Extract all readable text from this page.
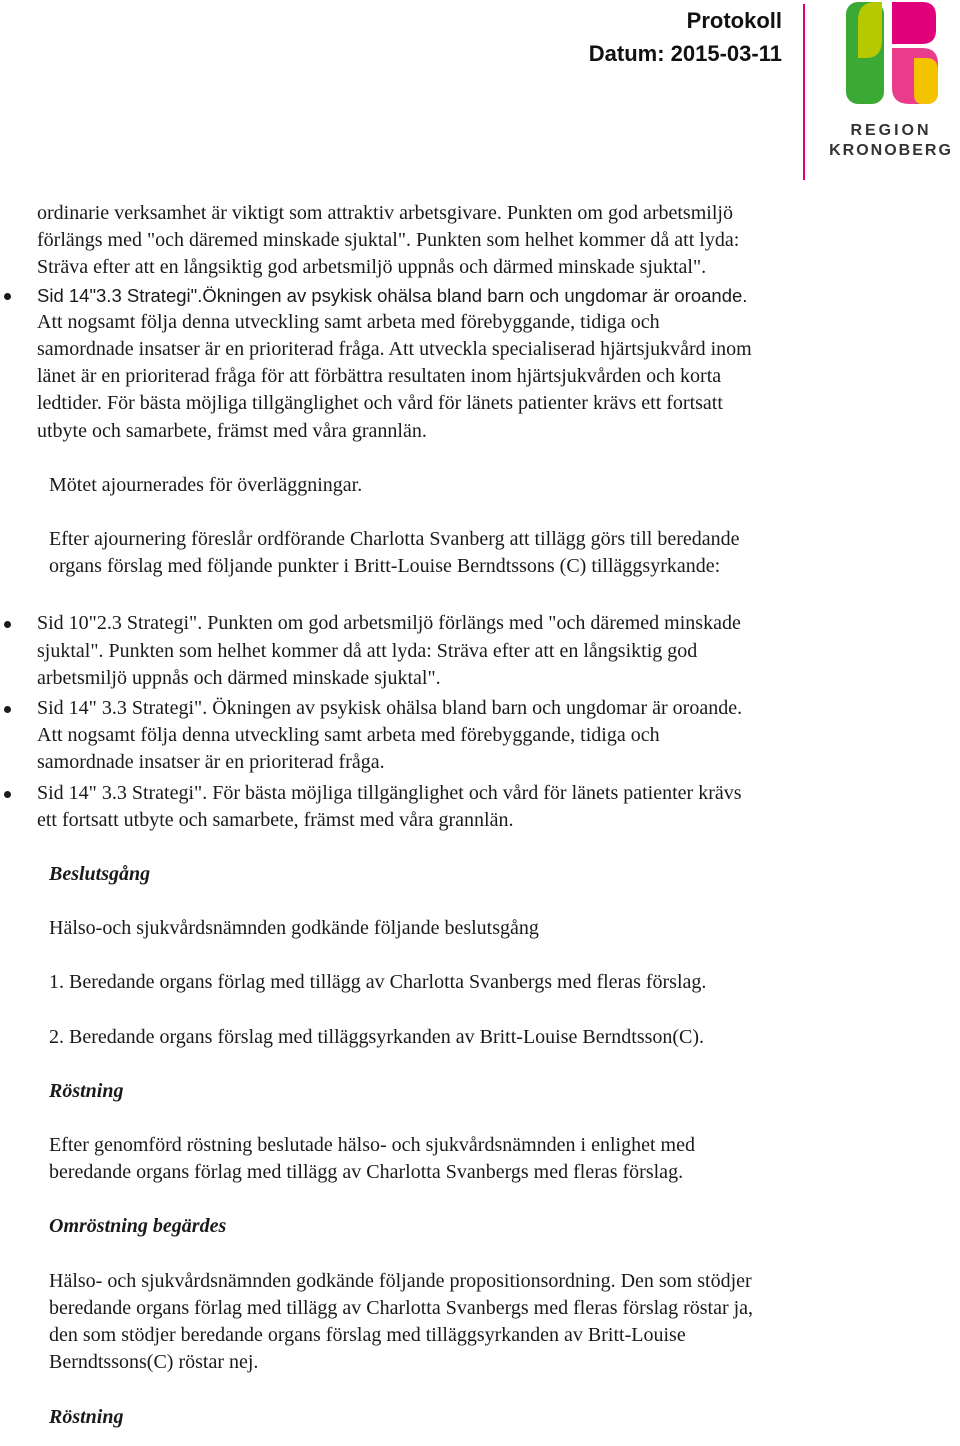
Protokoll
Datum: 2015-03-11
REGION
KRONOBERG

ordinarie verksamhet är viktigt som attraktiv arbetsgivare. Punkten om god arbetsmiljö

förlängs med "och däremed minskade sjuktal". Punkten som helhet kommer då att lyda:

Sträva efter att en långsiktig god arbetsmiljö uppnås och därmed minskade sjuktal".

Sid 14"3.3 Strategi".Ökningen av psykisk ohälsa bland barn och ungdomar är oroande.

Att nogsamt följa denna utveckling samt arbeta med förebyggande, tidiga och

samordnade insatser är en prioriterad fråga. Att utveckla specialiserad hjärtsjukvård inom

länet är en prioriterad fråga för att förbättra resultaten inom hjärtsjukvården och korta

ledtider. För bästa möjliga tillgänglighet och vård för länets patienter krävs ett fortsatt

utbyte och samarbete, främst med våra grannlän.

Mötet ajournerades för överläggningar.

Efter ajournering föreslår ordförande Charlotta Svanberg att tillägg görs till beredande

organs förslag med följande punkter i Britt-Louise Berndtssons (C) tilläggsyrkande:

Sid 10"2.3 Strategi". Punkten om god arbetsmiljö förlängs med "och däremed minskade

sjuktal". Punkten som helhet kommer då att lyda: Sträva efter att en långsiktig god

arbetsmiljö uppnås och därmed minskade sjuktal".

Sid 14" 3.3 Strategi". Ökningen av psykisk ohälsa bland barn och ungdomar är oroande.

Att nogsamt följa denna utveckling samt arbeta med förebyggande, tidiga och

samordnade insatser är en prioriterad fråga.

Sid 14" 3.3 Strategi". För bästa möjliga tillgänglighet och vård för länets patienter krävs

ett fortsatt utbyte och samarbete, främst med våra grannlän.

Beslutsgång

Hälso-och sjukvårdsnämnden godkände följande beslutsgång

1. Beredande organs förlag med tillägg av Charlotta Svanbergs med fleras förslag.

2. Beredande organs förslag med tilläggsyrkanden av Britt-Louise Berndtsson(C).

Röstning

Efter genomförd röstning beslutade hälso- och sjukvårdsnämnden i enlighet med

beredande organs förlag med tillägg av Charlotta Svanbergs med fleras förslag.

Omröstning begärdes

Hälso- och sjukvårdsnämnden godkände följande propositionsordning. Den som stödjer

beredande organs förlag med tillägg av Charlotta Svanbergs med fleras förslag röstar ja,

den som stödjer beredande organs förslag med tilläggsyrkanden av Britt-Louise

Berndtssons(C) röstar nej.

Röstning
